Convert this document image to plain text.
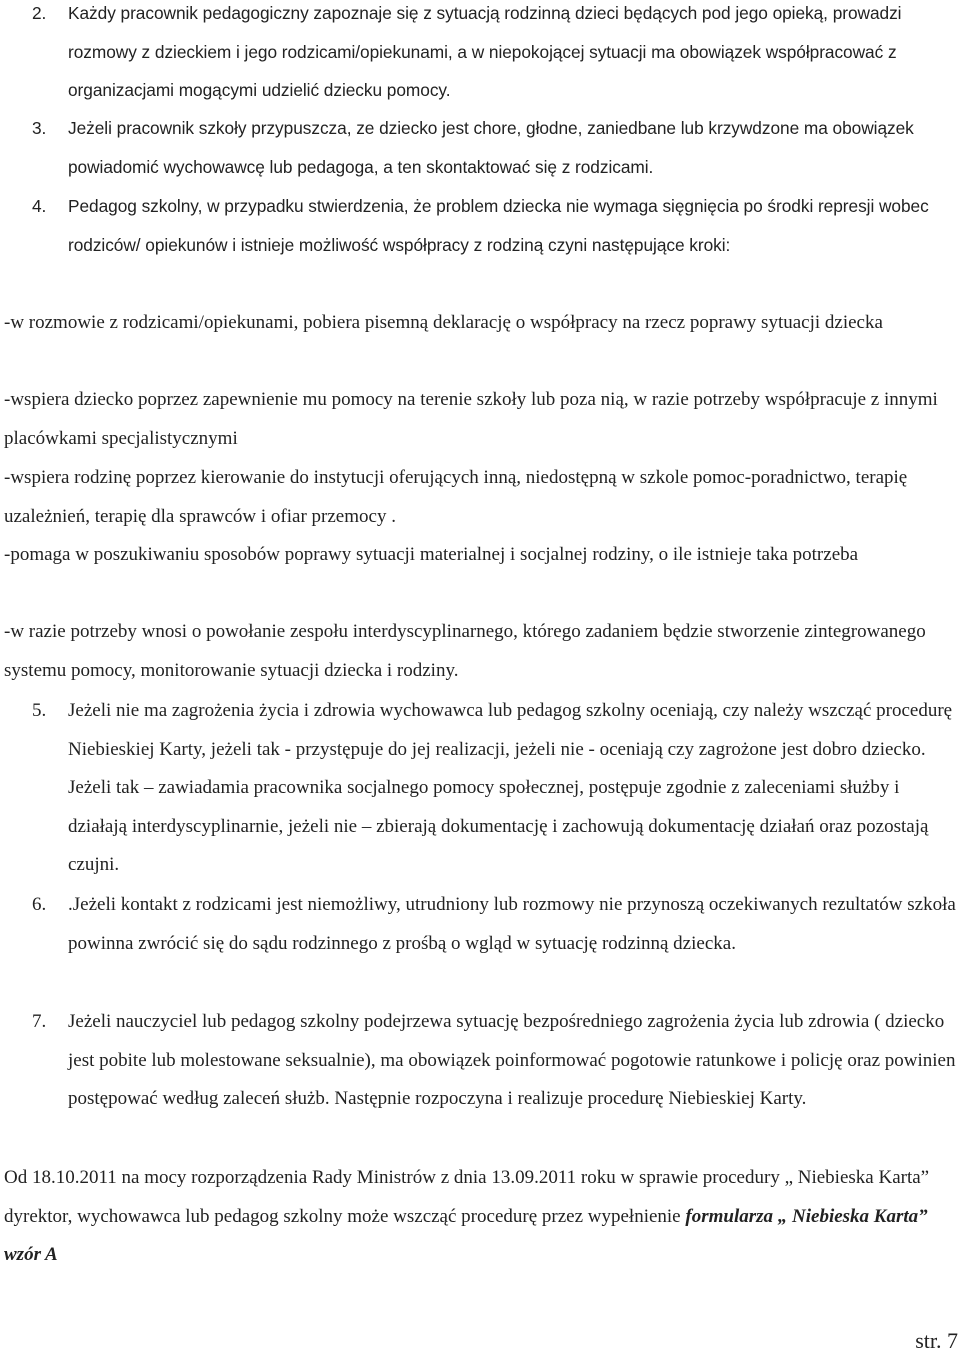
2. Każdy pracownik pedagogiczny zapoznaje się z sytuacją rodzinną dzieci będących pod jego opieką, prowadzi rozmowy z dzieckiem i jego rodzicami/opiekunami, a w niepokojącej sytuacji ma obowiązek współpracować z organizacjami mogącymi udzielić dziecku pomocy.
3. Jeżeli pracownik szkoły przypuszcza, ze dziecko jest chore, głodne, zaniedbane lub krzywdzone ma obowiązek powiadomić wychowawcę lub pedagoga, a ten skontaktować się z rodzicami.
4. Pedagog szkolny, w przypadku stwierdzenia, że problem dziecka nie wymaga sięgnięcia po środki represji wobec rodziców/ opiekunów i istnieje możliwość współpracy z rodziną czyni następujące kroki:

-w rozmowie z rodzicami/opiekunami, pobiera pisemną deklarację o współpracy na rzecz poprawy sytuacji dziecka

-wspiera dziecko poprzez zapewnienie mu pomocy na terenie szkoły lub poza nią, w razie potrzeby współpracuje z innymi placówkami specjalistycznymi

-wspiera rodzinę poprzez kierowanie do instytucji oferujących inną, niedostępną w szkole pomoc-poradnictwo, terapię uzależnień, terapię dla sprawców i ofiar przemocy .

-pomaga w poszukiwaniu sposobów poprawy sytuacji materialnej i socjalnej rodziny, o ile istnieje taka potrzeba

-w razie potrzeby wnosi o powołanie zespołu interdyscyplinarnego, którego zadaniem będzie stworzenie zintegrowanego systemu pomocy, monitorowanie sytuacji dziecka i rodziny.

5. Jeżeli nie ma zagrożenia życia i zdrowia wychowawca lub pedagog szkolny oceniają, czy należy wszcząć procedurę Niebieskiej Karty, jeżeli tak - przystępuje do jej realizacji, jeżeli nie - oceniają czy zagrożone jest dobro dziecko. Jeżeli tak – zawiadamia pracownika socjalnego pomocy społecznej, postępuje zgodnie z zaleceniami służby i działają interdyscyplinarnie, jeżeli nie – zbierają dokumentację i zachowują dokumentację działań oraz pozostają czujni.
6. .Jeżeli kontakt z rodzicami jest niemożliwy, utrudniony lub rozmowy nie przynoszą oczekiwanych rezultatów szkoła powinna zwrócić się do sądu rodzinnego z prośbą o wgląd w sytuację rodzinną dziecka.
7. Jeżeli nauczyciel lub pedagog szkolny podejrzewa sytuację bezpośredniego zagrożenia życia lub zdrowia ( dziecko jest pobite lub molestowane seksualnie), ma obowiązek poinformować pogotowie ratunkowe i policję oraz powinien postępować według zaleceń służb. Następnie rozpoczyna i realizuje procedurę Niebieskiej Karty.

Od 18.10.2011 na mocy rozporządzenia Rady Ministrów z dnia 13.09.2011 roku w sprawie procedury „ Niebieska Karta” dyrektor, wychowawca lub pedagog szkolny może wszcząć procedurę przez wypełnienie formularza „ Niebieska Karta” wzór A

str. 7
